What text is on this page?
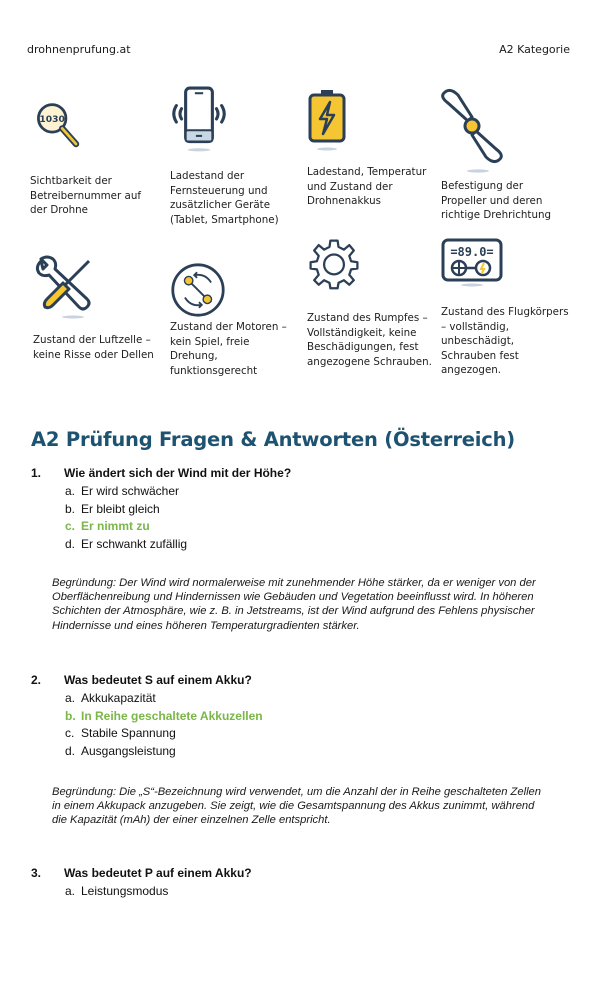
drohnenprufung.at	A2 Kategorie
1030
Sichtbarkeit der Betreibernummer auf der Drohne
Ladestand der Fernsteuerung und zusätzlicher Geräte (Tablet, Smartphone)
Ladestand, Temperatur und Zustand der Drohnenakkus
Befestigung der Propeller und deren richtige Drehrichtung
Zustand der Luftzelle – keine Risse oder Dellen
Zustand der Motoren – kein Spiel, freie Drehung, funktionsgerecht
Zustand des Rumpfes – Vollständigkeit, keine Beschädigungen, fest angezogene Schrauben.
=89.0=
Zustand des Flugkörpers – vollständig, unbeschädigt, Schrauben fest angezogen.
A2 Prüfung Fragen & Antworten (Österreich)
1.	Wie ändert sich der Wind mit der Höhe?
a. Er wird schwächer
b. Er bleibt gleich
c. Er nimmt zu
d. Er schwankt zufällig
Begründung: Der Wind wird normalerweise mit zunehmender Höhe stärker, da er weniger von der Oberflächenreibung und Hindernissen wie Gebäuden und Vegetation beeinflusst wird. In höheren Schichten der Atmosphäre, wie z. B. in Jetstreams, ist der Wind aufgrund des Fehlens physischer Hindernisse und eines höheren Temperaturgradienten stärker.
2.	Was bedeutet S auf einem Akku?
a. Akkukapazität
b. In Reihe geschaltete Akkuzellen
c. Stabile Spannung
d. Ausgangsleistung
Begründung: Die „S“-Bezeichnung wird verwendet, um die Anzahl der in Reihe geschalteten Zellen in einem Akkupack anzugeben. Sie zeigt, wie die Gesamtspannung des Akkus zunimmt, während die Kapazität (mAh) der einer einzelnen Zelle entspricht.
3.	Was bedeutet P auf einem Akku?
a. Leistungsmodus
